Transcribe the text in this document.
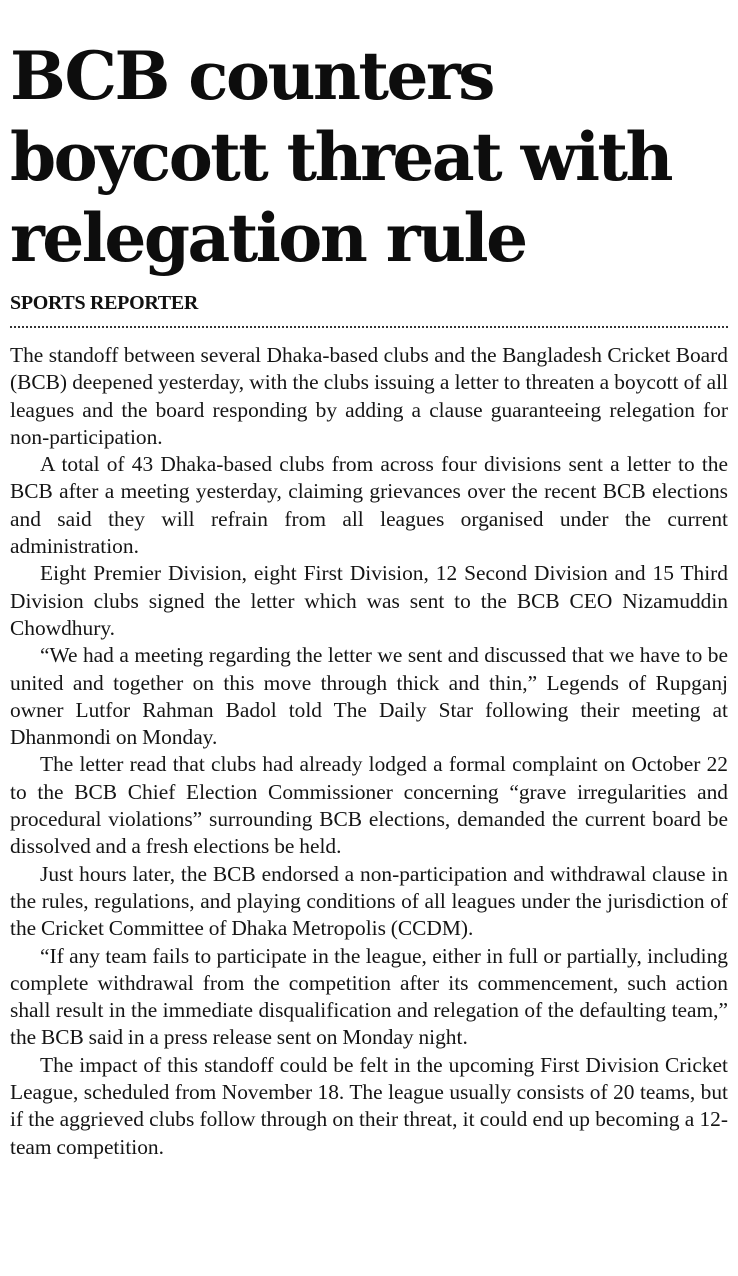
BCB counters boycott threat with relegation rule
SPORTS REPORTER

The standoff between several Dhaka-based clubs and the Bangladesh Cricket Board (BCB) deepened yesterday, with the clubs issuing a letter to threaten a boycott of all leagues and the board responding by adding a clause guaranteeing relegation for non-participation.

A total of 43 Dhaka-based clubs from across four divisions sent a letter to the BCB after a meeting yesterday, claiming grievances over the recent BCB elections and said they will refrain from all leagues organised under the current administration.

Eight Premier Division, eight First Division, 12 Second Division and 15 Third Division clubs signed the letter which was sent to the BCB CEO Nizamuddin Chowdhury.

“We had a meeting regarding the letter we sent and discussed that we have to be united and together on this move through thick and thin,” Legends of Rupganj owner Lutfor Rahman Badol told The Daily Star following their meeting at Dhanmondi on Monday.

The letter read that clubs had already lodged a formal complaint on October 22 to the BCB Chief Election Commissioner concerning “grave irregularities and procedural violations” surrounding BCB elections, demanded the current board be dissolved and a fresh elections be held.

Just hours later, the BCB endorsed a non-participation and withdrawal clause in the rules, regulations, and playing conditions of all leagues under the jurisdiction of the Cricket Committee of Dhaka Metropolis (CCDM).

“If any team fails to participate in the league, either in full or partially, including complete withdrawal from the competition after its commencement, such action shall result in the immediate disqualification and relegation of the defaulting team,” the BCB said in a press release sent on Monday night.

The impact of this standoff could be felt in the upcoming First Division Cricket League, scheduled from November 18. The league usually consists of 20 teams, but if the aggrieved clubs follow through on their threat, it could end up becoming a 12-team competition.
